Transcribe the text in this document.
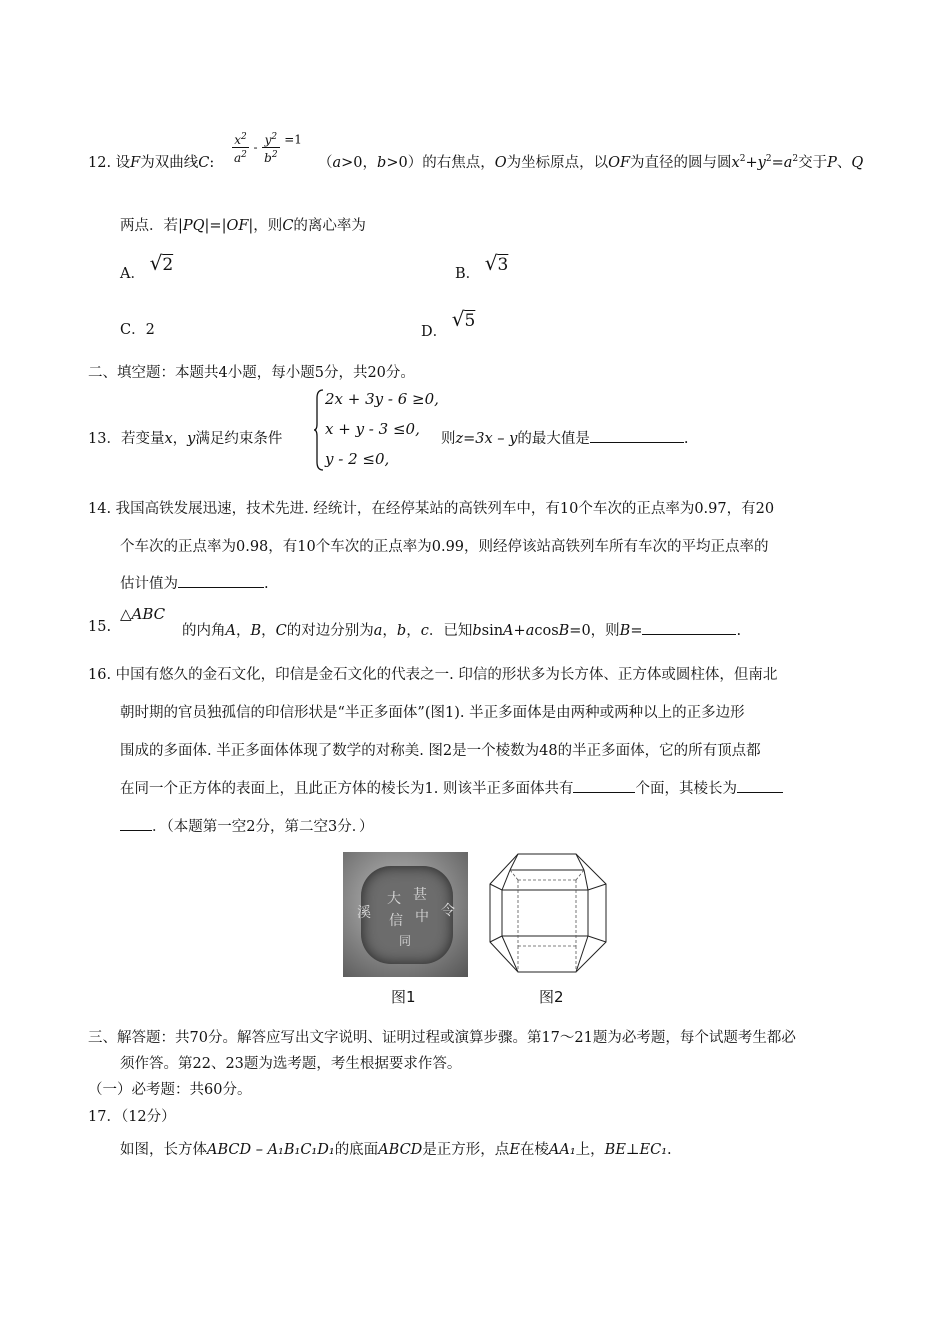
12. 设F为双曲线C: $\frac{x^2}{a^2} - \frac{y^2}{b^2} ^{=1}$
（a>0，b>0）的右焦点，O为坐标原点，以OF为直径的圆与圆$x^2+y^2=a^2$交于P、Q
两点．若|PQ|=|OF|，则C的离心率为
A． √2	B． √3
C．2	D． √5
二、填空题：本题共4小题，每小题5分，共20分。
13．若变量x，y满足约束条件
2x + 3y - 6 ≥0,
x + y - 3 ≤0,
y - 2 ≤0,
则z=3x – y的最大值是	.
14. 我国高铁发展迅速，技术先进. 经统计，在经停某站的高铁列车中，有10个车次的正点率为0.97，有20
个车次的正点率为0.98，有10个车次的正点率为0.99，则经停该站高铁列车所有车次的平均正点率的
估计值为	.
15.
△ABC
的内角A，B，C的对边分别为a，b，c．已知bsinA+acosB=0，则B=	.
16. 中国有悠久的金石文化，印信是金石文化的代表之一. 印信的形状多为长方体、正方体或圆柱体，但南北
朝时期的官员独孤信的印信形状是“半正多面体”(图1). 半正多面体是由两种或两种以上的正多边形
围成的多面体. 半正多面体体现了数学的对称美. 图2是一个棱数为48的半正多面体，它的所有顶点都
在同一个正方体的表面上，且此正方体的棱长为1. 则该半正多面体共有	个面，其棱长为
．（本题第一空2分，第二空3分．）
大 甚
中
信
令
溪
同
图1	图2
三、解答题：共70分。解答应写出文字说明、证明过程或演算步骤。第17～21题为必考题，每个试题考生都必
须作答。第22、23题为选考题，考生根据要求作答。
（一）必考题：共60分。
17．（12分）
如图，长方体ABCD – A₁B₁C₁D₁的底面ABCD是正方形，点E在棱AA₁上，BE⊥EC₁.
